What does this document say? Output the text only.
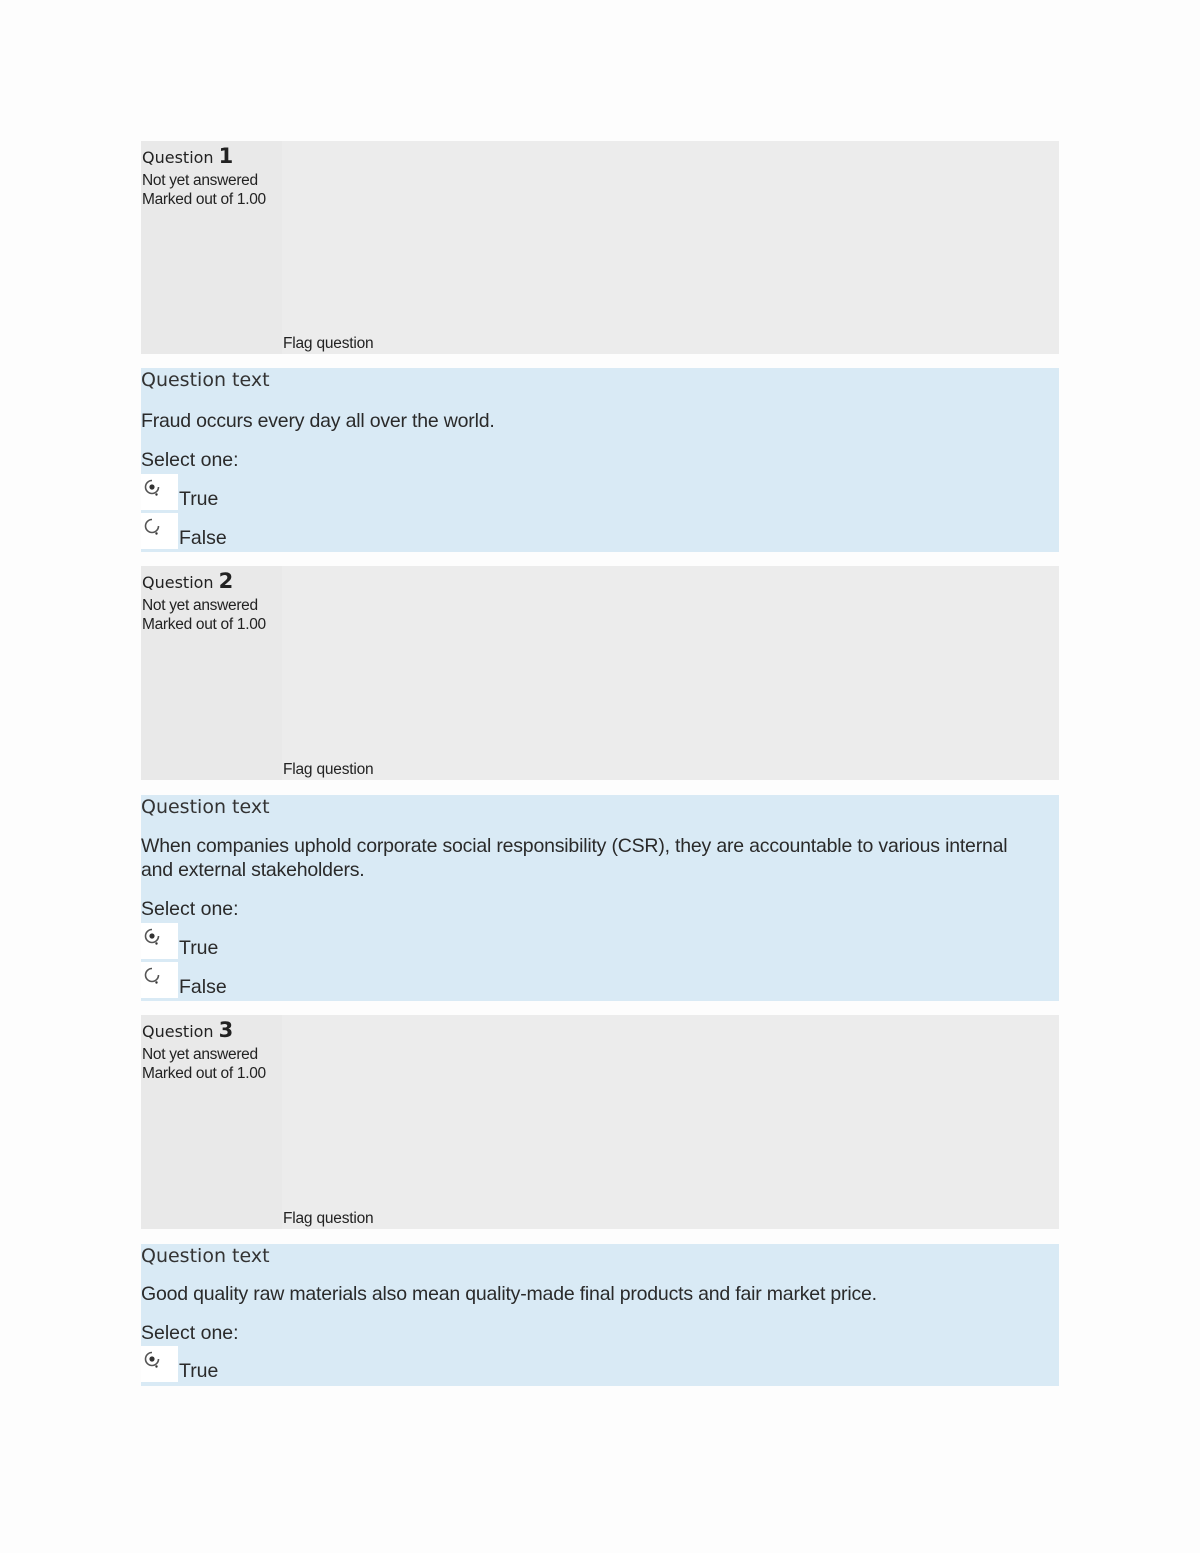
Question 1
Not yet answered
Marked out of 1.00
Flag question
Question text
Fraud occurs every day all over the world.
Select one:
True
False
Question 2
Not yet answered
Marked out of 1.00
Flag question
Question text
When companies uphold corporate social responsibility (CSR), they are accountable to various internal and external stakeholders.
Select one:
True
False
Question 3
Not yet answered
Marked out of 1.00
Flag question
Question text
Good quality raw materials also mean quality-made final products and fair market price.
Select one:
True
